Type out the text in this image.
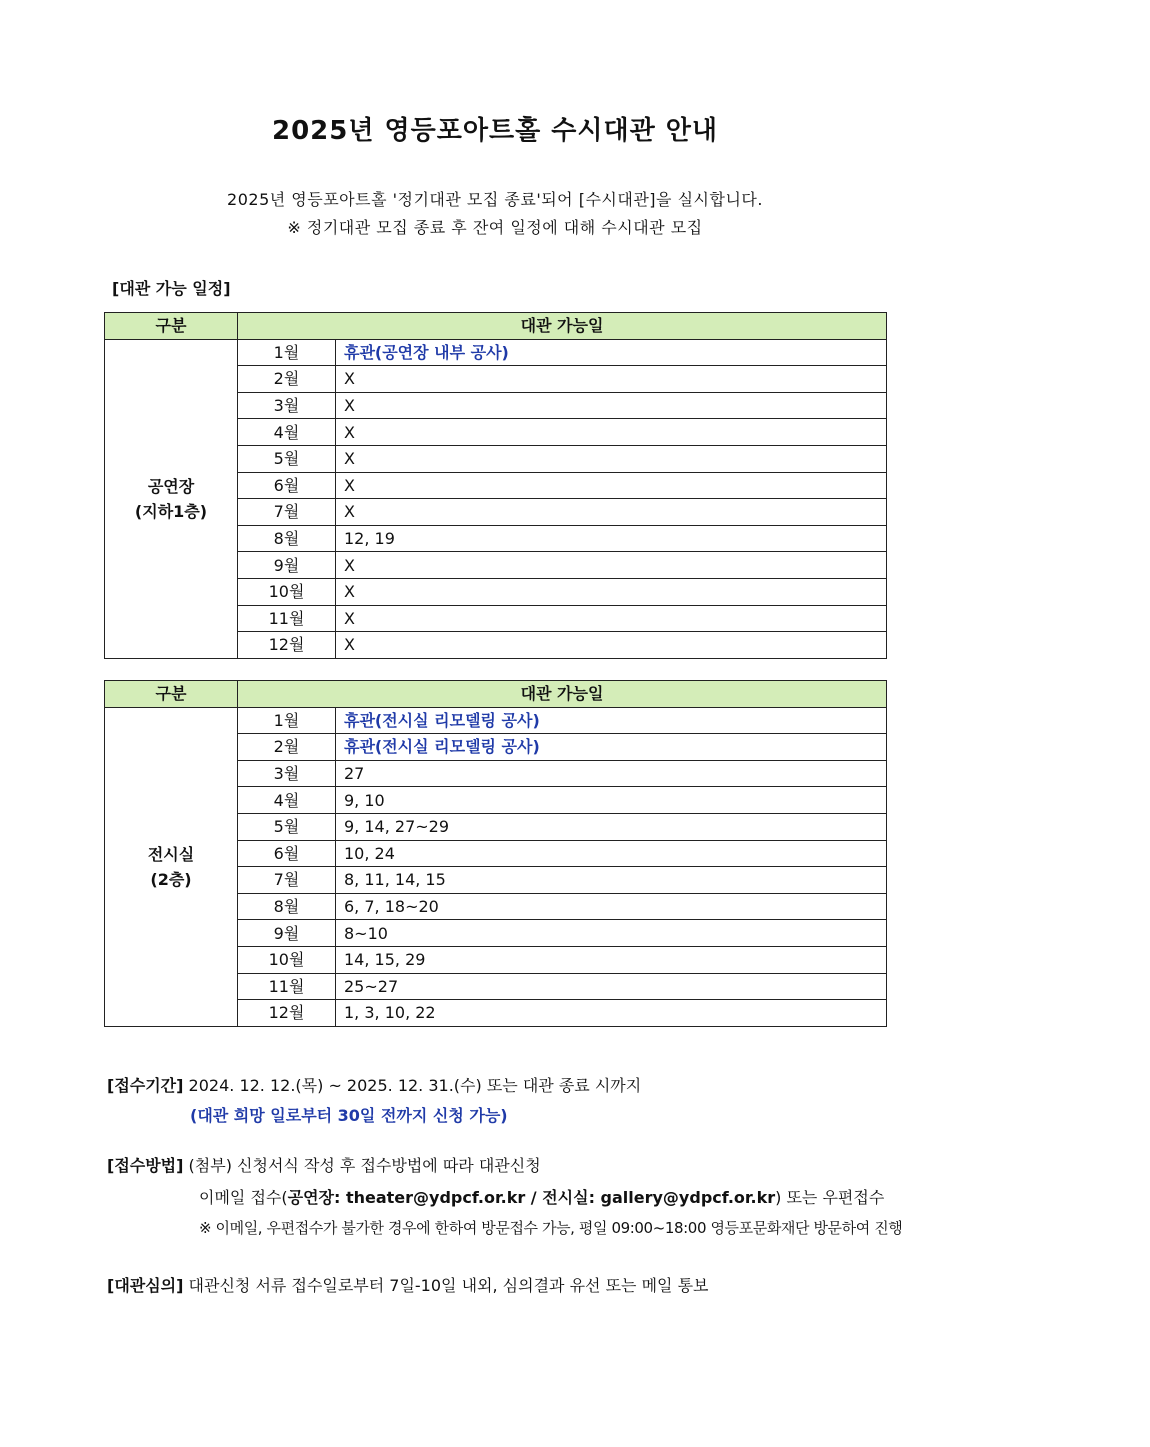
2025년 영등포아트홀 수시대관 안내
2025년 영등포아트홀 '정기대관 모집 종료'되어 [수시대관]을 실시합니다.
※ 정기대관 모집 종료 후 잔여 일정에 대해 수시대관 모집
[대관 가능 일정]
구분	대관 가능일	

공연장
(지하1층)	1월	휴관(공연장 내부 공사)
	2월	X
	3월	X
	4월	X
	5월	X
	6월	X
	7월	X
	8월	12, 19
	9월	X
	10월	X
	11월	X
	12월	X
구분	대관 가능일	

전시실
(2층)	1월	휴관(전시실 리모델링 공사)
	2월	휴관(전시실 리모델링 공사)
	3월	27
	4월	9, 10
	5월	9, 14, 27~29
	6월	10, 24
	7월	8, 11, 14, 15
	8월	6, 7, 18~20
	9월	8~10
	10월	14, 15, 29
	11월	25~27
	12월	1, 3, 10, 22
[접수기간] 2024. 12. 12.(목) ~ 2025. 12. 31.(수) 또는 대관 종료 시까지
(대관 희망 일로부터 30일 전까지 신청 가능)
[접수방법] (첨부) 신청서식 작성 후 접수방법에 따라 대관신청
이메일 접수(공연장: theater@ydpcf.or.kr / 전시실: gallery@ydpcf.or.kr) 또는 우편접수
※ 이메일, 우편접수가 불가한 경우에 한하여 방문접수 가능, 평일 09:00~18:00 영등포문화재단 방문하여 진행
[대관심의] 대관신청 서류 접수일로부터 7일-10일 내외, 심의결과 유선 또는 메일 통보
